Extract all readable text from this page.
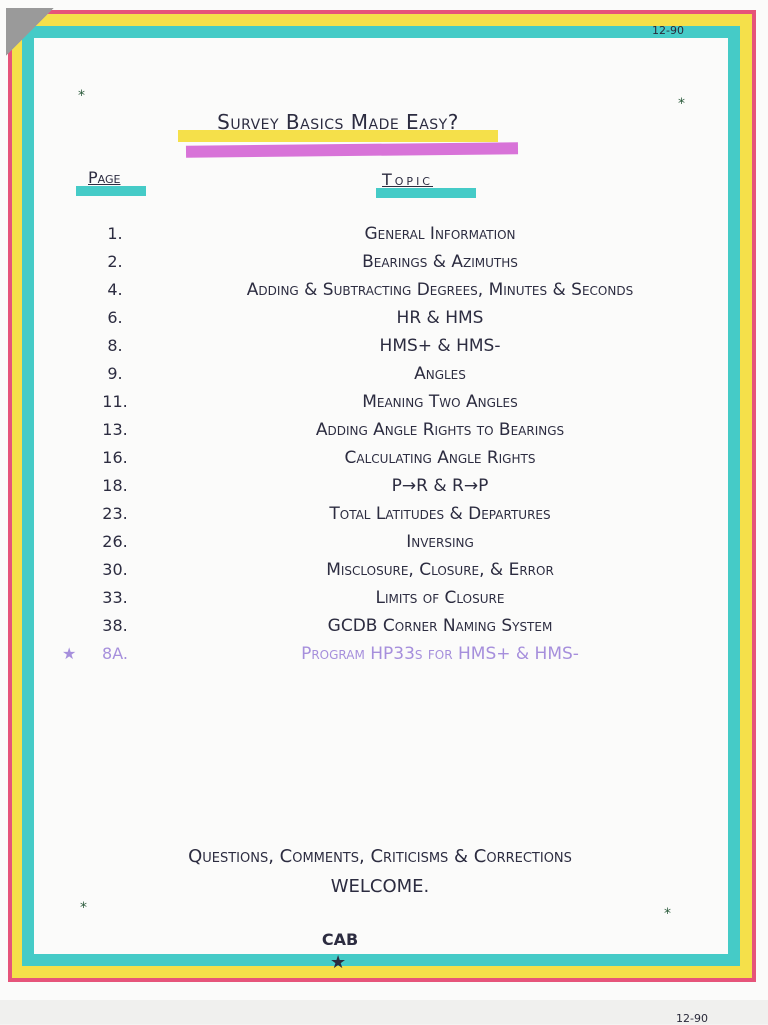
12-90
*	*
*	*
Survey Basics Made Easy?
Page	Topic
1.	General Information
2.	Bearings & Azimuths
4.	Adding & Subtracting Degrees, Minutes & Seconds
6.	HR & HMS
8.	HMS+ & HMS-
9.	Angles
11.	Meaning Two Angles
13.	Adding Angle Rights to Bearings
16.	Calculating Angle Rights
18.	P→R & R→P
23.	Total Latitudes & Departures
26.	Inversing
30.	Misclosure, Closure, & Error
33.	Limits of Closure
38.	GCDB Corner Naming System
★	8A.	Program HP33s for HMS+ & HMS-
Questions, Comments, Criticisms & Corrections
WELCOME.
CAB
★
12-90
